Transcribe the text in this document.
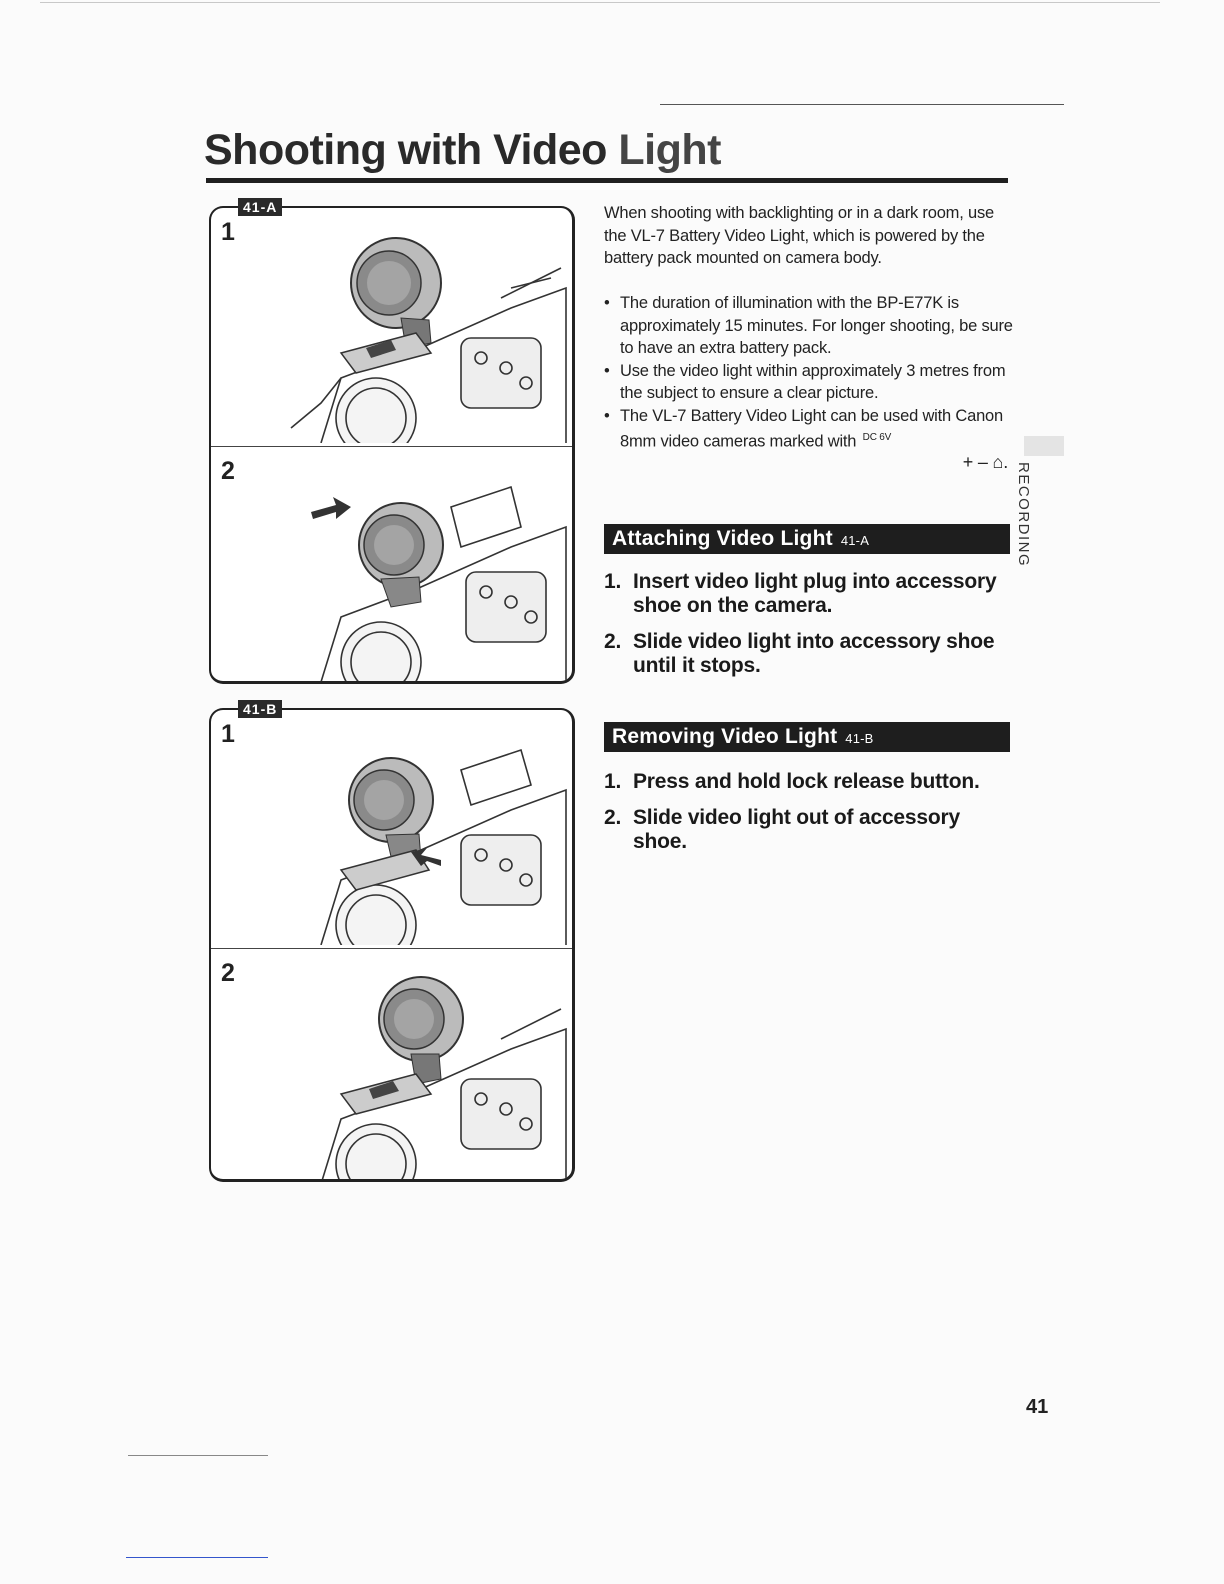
Shooting with Video Light
41-A
1
2
41-B
1
2

When shooting with backlighting or in a dark room, use the VL-7 Battery Video Light, which is powered by the battery pack mounted on camera body.

• The duration of illumination with the BP-E77K is approximately 15 minutes. For longer shooting, be sure to have an extra battery pack.
• Use the video light within approximately 3 metres from the subject to ensure a clear picture.
• The VL-7 Battery Video Light can be used with Canon 8mm video cameras marked with DC 6V
+ – ⌂.
Attaching Video Light 41-A
1. Insert video light plug into accessory shoe on the camera.
2. Slide video light into accessory shoe until it stops.
Removing Video Light 41-B
1. Press and hold lock release button.
2. Slide video light out of accessory shoe.
RECORDING
41
